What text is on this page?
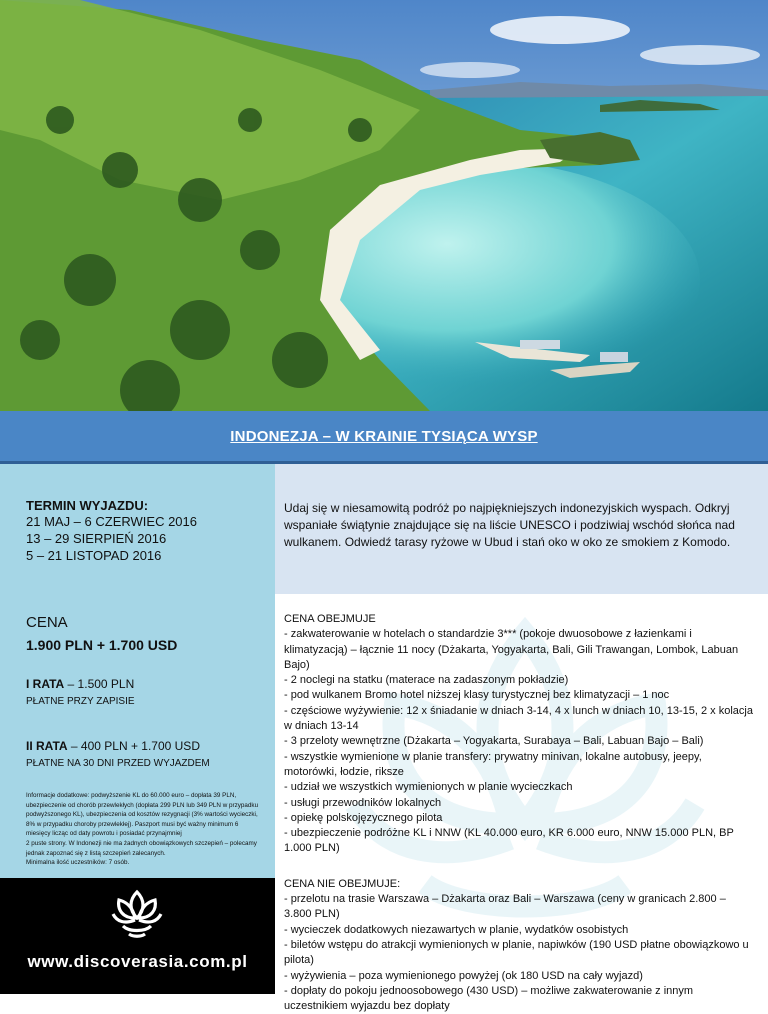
INDONEZJA – W KRAINIE TYSIĄCA WYSP
TERMIN WYJAZDU:
21 MAJ – 6 CZERWIEC 2016
13 – 29 SIERPIEŃ 2016
5 – 21 LISTOPAD 2016
Udaj się w niesamowitą podróż po najpiękniejszych indonezyjskich wyspach. Odkryj wspaniałe świątynie znajdujące się na liście UNESCO i podziwiaj wschód słońca nad wulkanem. Odwiedź tarasy ryżowe w Ubud i stań oko w oko ze smokiem z Komodo.
CENA
1.900 PLN + 1.700 USD
I RATA – 1.500 PLN
PŁATNE PRZY ZAPISIE
II RATA – 400 PLN + 1.700 USD
PŁATNE NA 30 DNI PRZED WYJAZDEM
Informacje dodatkowe: podwyższenie KL do 60.000 euro – dopłata 39 PLN, ubezpieczenie od chorób przewlekłych (dopłata 299 PLN lub 349 PLN w przypadku podwyższonego KL), ubezpieczenia od kosztów rezygnacji (3% wartości wycieczki, 8% w przypadku choroby przewlekłej). Paszport musi być ważny minimum 6 miesięcy licząc od daty powrotu i posiadać przynajmniej
2 puste strony. W Indonezji nie ma żadnych obowiązkowych szczepień – polecamy jednak zapoznać się z listą szczepień zalecanych.
Minimalna ilość uczestników: 7 osób.
www.discoverasia.com.pl
CENA OBEJMUJE
- zakwaterowanie w hotelach o standardzie 3*** (pokoje dwuosobowe z łazienkami i klimatyzacją) – łącznie 11 nocy (Dżakarta, Yogyakarta, Bali, Gili Trawangan, Lombok, Labuan Bajo)
- 2 noclegi na statku (materace na zadaszonym pokładzie)
- pod wulkanem Bromo hotel niższej klasy turystycznej bez klimatyzacji – 1 noc
- częściowe wyżywienie: 12 x śniadanie w dniach 3-14, 4 x lunch w dniach 10, 13-15, 2 x kolacja w dniach 13-14
- 3 przeloty wewnętrzne (Dżakarta – Yogyakarta, Surabaya – Bali, Labuan Bajo – Bali)
- wszystkie wymienione w planie transfery: prywatny minivan, lokalne autobusy, jeepy, motorówki, łodzie, riksze
- udział we wszystkich wymienionych w planie wycieczkach
- usługi przewodników lokalnych
- opiekę polskojęzycznego pilota
- ubezpieczenie podróżne KL i NNW (KL 40.000 euro, KR 6.000 euro, NNW 15.000 PLN, BP 1.000 PLN)
CENA NIE OBEJMUJE:
- przelotu na trasie Warszawa – Dżakarta oraz Bali – Warszawa (ceny w granicach 2.800 – 3.800 PLN)
- wycieczek dodatkowych niezawartych w planie, wydatków osobistych
- biletów wstępu do atrakcji wymienionych w planie, napiwków (190 USD płatne obowiązkowo u pilota)
- wyżywienia – poza wymienionego powyżej (ok 180 USD na cały wyjazd)
- dopłaty do pokoju jednoosobowego (430 USD) – możliwe zakwaterowanie z innym uczestnikiem wyjazdu bez dopłaty
